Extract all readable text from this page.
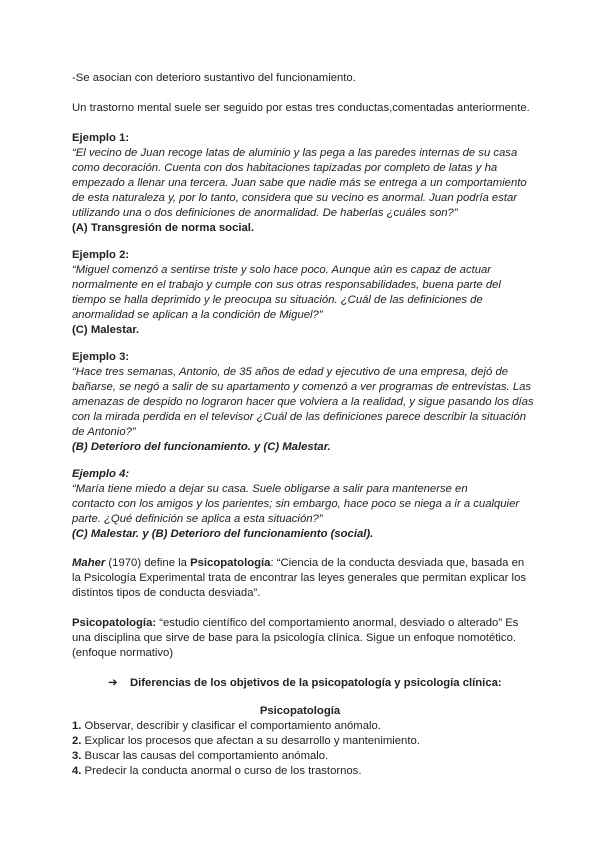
-Se asocian con deterioro sustantivo del funcionamiento.

Un trastorno mental suele ser seguido por estas tres conductas,comentadas anteriormente.

Ejemplo 1:
“El vecino de Juan recoge latas de aluminio y las pega a las paredes internas de su casa
como decoración. Cuenta con dos habitaciones tapizadas por completo de latas y ha
empezado a llenar una tercera. Juan sabe que nadie más se entrega a un comportamiento
de esta naturaleza y, por lo tanto, considera que su vecino es anormal. Juan podría estar
utilizando una o dos definiciones de anormalidad. De haberlas ¿cuáles son?”
(A) Transgresión de norma social.
Ejemplo 2:
“Miguel comenzó a sentirse triste y solo hace poco. Aunque aún es capaz de actuar
normalmente en el trabajo y cumple con sus otras responsabilidades, buena parte del
tiempo se halla deprimido y le preocupa su situación. ¿Cuál de las definiciones de
anormalidad se aplican a la condición de Miguel?”
(C) Malestar.
Ejemplo 3:
“Hace tres semanas, Antonio, de 35 años de edad y ejecutivo de una empresa, dejó de
bañarse, se negó a salir de su apartamento y comenzó a ver programas de entrevistas. Las
amenazas de despido no lograron hacer que volviera a la realidad, y sigue pasando los días
con la mirada perdida en el televisor ¿Cuál de las definiciones parece describir la situación
de Antonio?”
(B) Deterioro del funcionamiento. y (C) Malestar.
Ejemplo 4:
“María tiene miedo a dejar su casa. Suele obligarse a salir para mantenerse en
contacto con los amigos y los parientes; sin embargo, hace poco se niega a ir a cualquier
parte. ¿Qué definición se aplica a esta situación?”
(C) Malestar. y (B) Deterioro del funcionamiento (social).
Maher (1970) define la Psicopatología: “Ciencia de la conducta desviada que, basada en
la Psicología Experimental trata de encontrar las leyes generales que permitan explicar los
distintos tipos de conducta desviada”.
Psicopatología: “estudio científico del comportamiento anormal, desviado o alterado” Es
una disciplina que sirve de base para la psicología clínica. Sigue un enfoque nomotético.
(enfoque normativo)
➔ Diferencias de los objetivos de la psicopatología y psicología clínica:
Psicopatología
1. Observar, describir y clasificar el comportamiento anómalo.
2. Explicar los procesos que afectan a su desarrollo y mantenimiento.
3. Buscar las causas del comportamiento anómalo.
4. Predecir la conducta anormal o curso de los trastornos.
